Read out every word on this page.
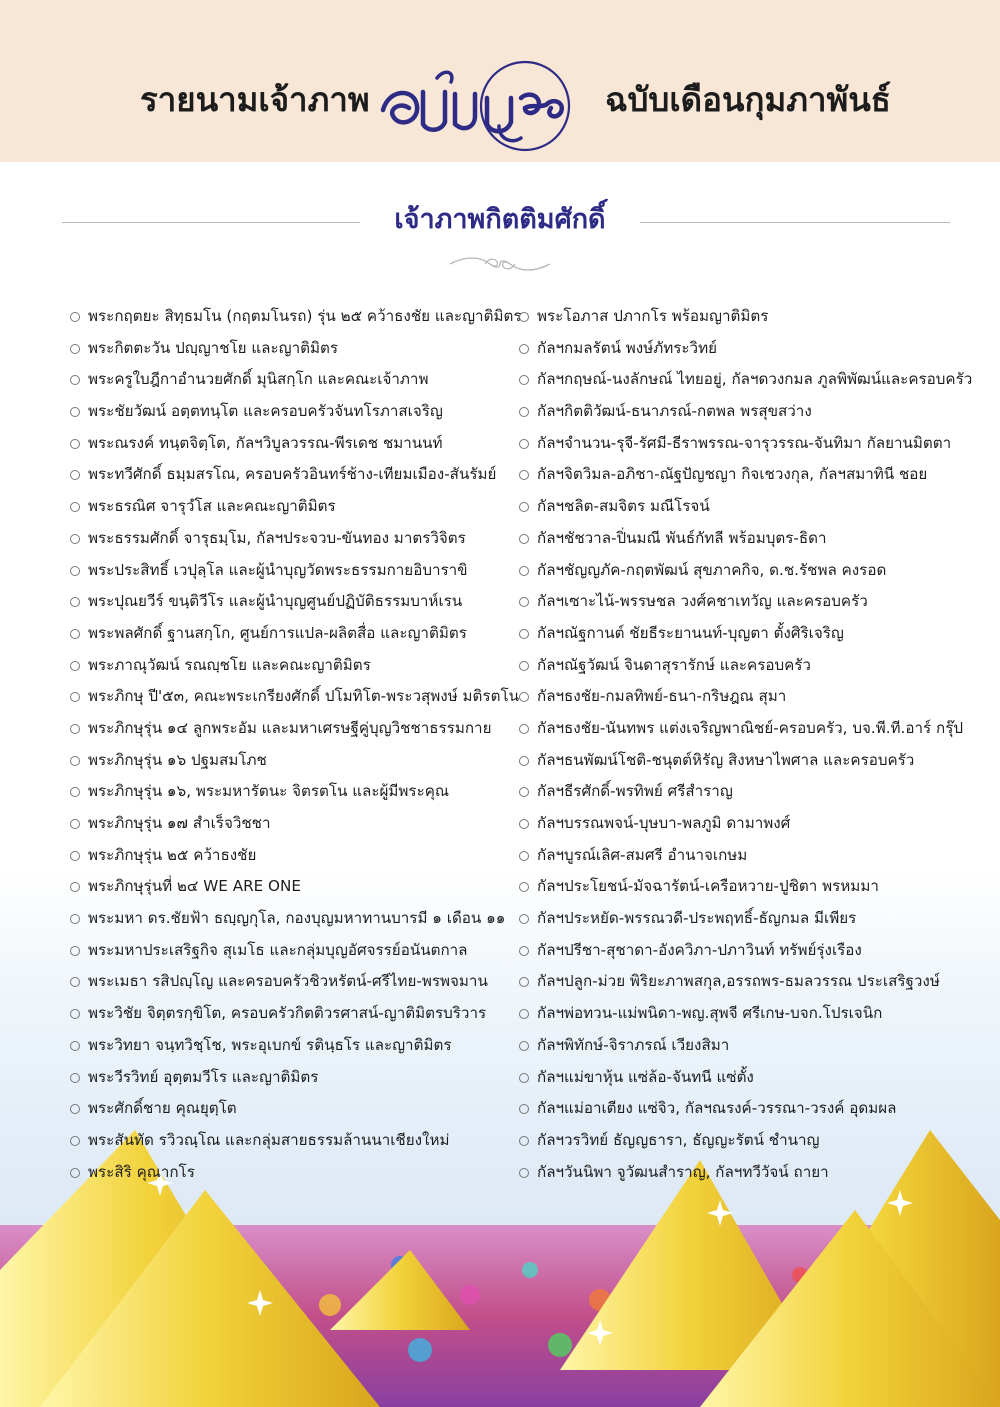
รายนามเจ้าภาพ	ฉบับเดือนกุมภาพันธ์
เจ้าภาพกิตติมศักดิ์
พระกฤตยะ สิทฺธมโน (กฤตมโนรถ) รุ่น ๒๕ คว้าธงชัย และญาติมิตร
พระกิตตะวัน ปญฺญาชโย และญาติมิตร
พระครูใบฎีกาอำนวยศักดิ์ มุนิสกฺโก และคณะเจ้าภาพ
พระชัยวัฒน์ อตฺตทนฺโต และครอบครัวจันทโรภาสเจริญ
พระณรงค์ ทนฺตจิตฺโต, กัลฯวิบูลวรรณ-พีรเดช ชมานนท์
พระทวีศักดิ์ ธมฺมสรโณ, ครอบครัวอินทร์ช้าง-เทียมเมือง-สันรัมย์
พระธรณิศ จารุวํโส และคณะญาติมิตร
พระธรรมศักดิ์ จารุธมฺโม, กัลฯประจวบ-ขันทอง มาตรวิจิตร
พระประสิทธิ์ เวปุลฺโล และผู้นำบุญวัดพระธรรมกายอิบาราขิ
พระปุณยวีร์ ขนฺติวีโร และผู้นำบุญศูนย์ปฏิบัติธรรมบาห์เรน
พระพลศักดิ์ ฐานสกฺโก, ศูนย์การแปล-ผลิตสื่อ และญาติมิตร
พระภาณุวัฒน์ รณญฺชโย และคณะญาติมิตร
พระภิกษุ ปี'๕๓, คณะพระเกรียงศักดิ์ ปโมทิโต-พระวสุพงษ์ มติรตโน
พระภิกษุรุ่น ๑๔ ลูกพระอัม และมหาเศรษฐีคู่บุญวิชชาธรรมกาย
พระภิกษุรุ่น ๑๖ ปฐมสมโภช
พระภิกษุรุ่น ๑๖, พระมหารัตนะ จิตรตโน และผู้มีพระคุณ
พระภิกษุรุ่น ๑๗ สำเร็จวิชชา
พระภิกษุรุ่น ๒๕ คว้าธงชัย
พระภิกษุรุ่นที่ ๒๔ WE ARE ONE
พระมหา ดร.ชัยฟ้า ธญฺญกุโล, กองบุญมหาทานบารมี ๑ เดือน ๑๑
พระมหาประเสริฐกิจ สุเมโธ และกลุ่มบุญอัศจรรย์อนันตกาล
พระเมธา รสิปญฺโญ และครอบครัวชิวหรัตน์-ศรีไทย-พรพจมาน
พระวิชัย จิตฺตรกฺขิโต, ครอบครัวกิตติวรศาสน์-ญาติมิตรบริวาร
พระวิทยา จนฺทวิชฺโช, พระอุเบกข์ รตินฺธโร และญาติมิตร
พระวีรวิทย์ อุตฺตมวีโร และญาติมิตร
พระศักดิ์ชาย คุณยุตฺโต
พระสันทัด รวิวณฺโณ และกลุ่มสายธรรมล้านนาเชียงใหม่
พระสิริ คุณากโร
พระโอภาส ปภากโร พร้อมญาติมิตร
กัลฯกมลรัตน์ พงษ์ภัทระวิทย์
กัลฯกฤษณ์-นงลักษณ์ ไทยอยู่, กัลฯดวงกมล ภูลพิพัฒน์และครอบครัว
กัลฯกิตติวัฒน์-ธนาภรณ์-กตพล พรสุขสว่าง
กัลฯจำนวน-รุจี-รัศมี-ธีราพรรณ-จารุวรรณ-จันทิมา กัลยานมิตตา
กัลฯจิตวิมล-อภิชา-ณัฐปัญชญา กิจเชวงกุล, กัลฯสมาทินี ชอย
กัลฯชลิต-สมจิตร มณีโรจน์
กัลฯชัชวาล-ปิ่นมณี พันธ์กัทลี พร้อมบุตร-ธิดา
กัลฯชัญญภัค-กฤตพัฒน์ สุขภาคกิจ, ด.ช.รัชพล คงรอด
กัลฯเซาะไน้-พรรษชล วงศ์คชาเทวัญ และครอบครัว
กัลฯณัฐกานต์ ชัยธีระยานนท์-บุญตา ตั้งศิริเจริญ
กัลฯณัฐวัฒน์ จินดาสุรารักษ์ และครอบครัว
กัลฯธงชัย-กมลทิพย์-ธนา-กริษฎณ สุมา
กัลฯธงชัย-นันทพร แต่งเจริญพาณิชย์-ครอบครัว, บจ.พี.ที.อาร์ กรุ๊ป
กัลฯธนพัฒน์โชติ-ชนุตต์หิรัญ สิงหษาไพศาล และครอบครัว
กัลฯธีรศักดิ์-พรทิพย์ ศรีสำราญ
กัลฯบรรณพจน์-บุษบา-พลภูมิ ดามาพงศ์
กัลฯบูรณ์เลิศ-สมศรี อำนาจเกษม
กัลฯประโยชน์-มัจฉารัตน์-เครือหวาย-ปูชิตา พรหมมา
กัลฯประหยัด-พรรณวดี-ประพฤทธิ์-ธัญกมล มีเพียร
กัลฯปรีชา-สุชาดา-อังควิภา-ปภาวินท์ ทรัพย์รุ่งเรือง
กัลฯปลูก-ม่วย พิริยะภาพสกุล,อรรถพร-ธมลวรรณ ประเสริฐวงษ์
กัลฯพ่อทวน-แม่พนิดา-พญ.สุพจี ศรีเกษ-บจก.โปรเจนิก
กัลฯพิทักษ์-จิราภรณ์ เวียงสิมา
กัลฯแม่ขาหุ้น แซ่ล้อ-จันทนี แซ่ตั้ง
กัลฯแม่อาเตียง แซ่จิว, กัลฯณรงค์-วรรณา-วรงค์ อุดมผล
กัลฯวรวิทย์ ธัญญธารา, ธัญญะรัตน์ ชำนาญ
กัลฯวันนิพา จูวัฒนสำราญ, กัลฯทวีวัจน์ ถายา
